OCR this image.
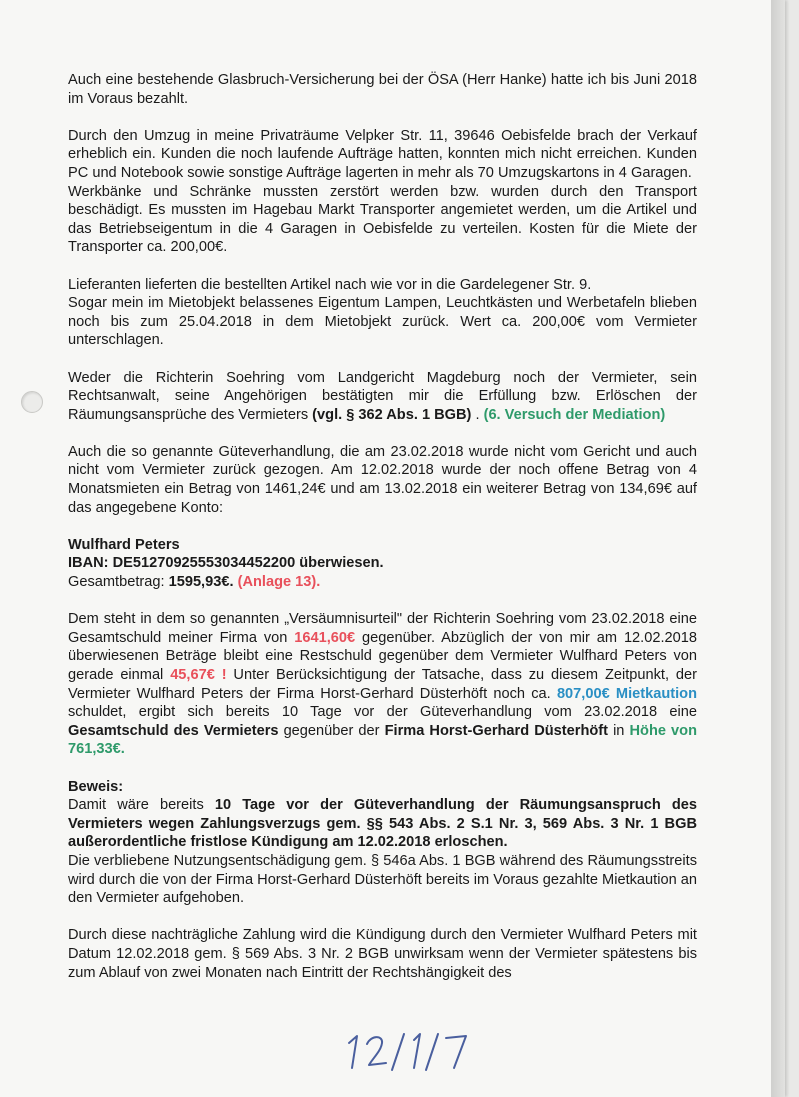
Auch eine bestehende Glasbruch-Versicherung bei der ÖSA (Herr Hanke) hatte ich bis Juni 2018 im Voraus bezahlt.

Durch den Umzug in meine Privaträume Velpker Str. 11, 39646 Oebisfelde brach der Verkauf erheblich ein. Kunden die noch laufende Aufträge hatten, konnten mich nicht erreichen. Kunden PC und Notebook sowie sonstige Aufträge lagerten in mehr als 70 Umzugskartons in 4 Garagen.

Werkbänke und Schränke mussten zerstört werden bzw. wurden durch den Transport beschädigt. Es mussten im Hagebau Markt Transporter angemietet werden, um die Artikel und das Betriebseigentum in die 4 Garagen in Oebisfelde zu verteilen. Kosten für die Miete der Transporter ca. 200,00€.

Lieferanten lieferten die bestellten Artikel nach wie vor in die Gardelegener Str. 9.

Sogar mein im Mietobjekt belassenes Eigentum Lampen, Leuchtkästen und Werbetafeln blieben noch bis zum 25.04.2018 in dem Mietobjekt zurück. Wert ca. 200,00€ vom Vermieter unterschlagen.

Weder die Richterin Soehring vom Landgericht Magdeburg noch der Vermieter, sein Rechtsanwalt, seine Angehörigen bestätigten mir die Erfüllung bzw. Erlöschen der Räumungsansprüche des Vermieters (vgl. § 362 Abs. 1 BGB) . (6. Versuch der Mediation)

Auch die so genannte Güteverhandlung, die am 23.02.2018 wurde nicht vom Gericht und auch nicht vom Vermieter zurück gezogen. Am 12.02.2018 wurde der noch offene Betrag von 4 Monatsmieten ein Betrag von 1461,24€ und am 13.02.2018 ein weiterer Betrag von 134,69€ auf das angegebene Konto:

Wulfhard Peters
IBAN: DE51270925553034452200 überwiesen.
Gesamtbetrag: 1595,93€. (Anlage 13).

Dem steht in dem so genannten „Versäumnisurteil" der Richterin Soehring vom 23.02.2018 eine Gesamtschuld meiner Firma von 1641,60€ gegenüber. Abzüglich der von mir am 12.02.2018 überwiesenen Beträge bleibt eine Restschuld gegenüber dem Vermieter Wulfhard Peters von gerade einmal 45,67€ ! Unter Berücksichtigung der Tatsache, dass zu diesem Zeitpunkt, der Vermieter Wulfhard Peters der Firma Horst-Gerhard Düsterhöft noch ca. 807,00€ Mietkaution schuldet, ergibt sich bereits 10 Tage vor der Güteverhandlung vom 23.02.2018 eine Gesamtschuld des Vermieters gegenüber der Firma Horst-Gerhard Düsterhöft in Höhe von 761,33€.

Beweis:
Damit wäre bereits 10 Tage vor der Güteverhandlung der Räumungsanspruch des Vermieters wegen Zahlungsverzugs gem. §§ 543 Abs. 2 S.1 Nr. 3, 569 Abs. 3 Nr. 1 BGB außerordentliche fristlose Kündigung am 12.02.2018 erloschen.

Die verbliebene Nutzungsentschädigung gem. § 546a Abs. 1 BGB während des Räumungsstreits wird durch die von der Firma Horst-Gerhard Düsterhöft bereits im Voraus gezahlte Mietkaution an den Vermieter aufgehoben.

Durch diese nachträgliche Zahlung wird die Kündigung durch den Vermieter Wulfhard Peters mit Datum 12.02.2018 gem. § 569 Abs. 3 Nr. 2 BGB unwirksam wenn der Vermieter spätestens bis zum Ablauf von zwei Monaten nach Eintritt der Rechtshängigkeit des
